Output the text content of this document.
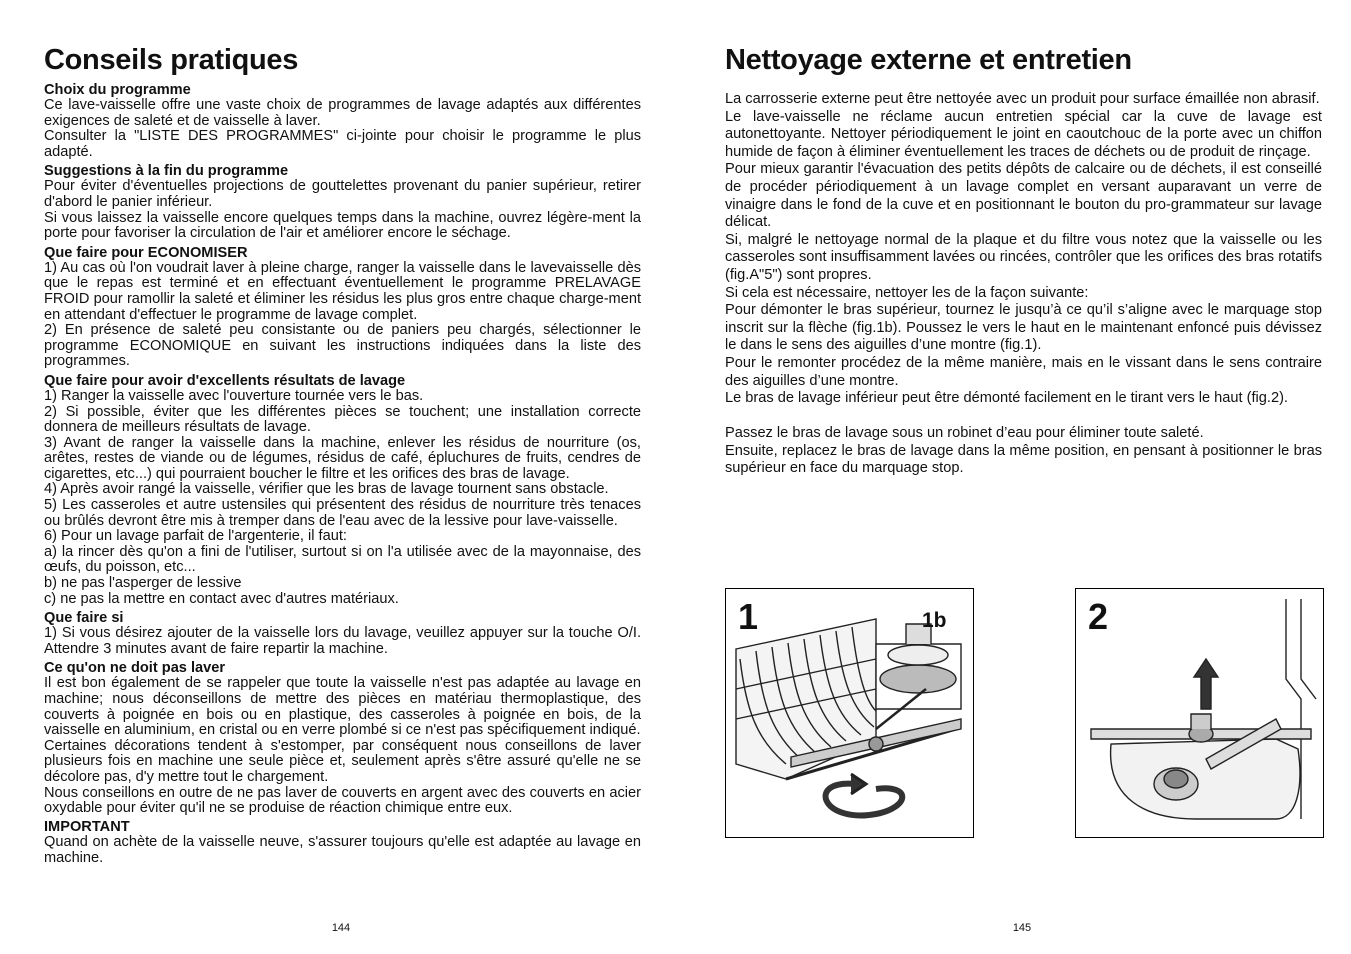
Conseils pratiques
Choix du programme

Ce lave-vaisselle offre une vaste choix de programmes de lavage adaptés aux différentes exigences de saleté et de vaisselle à laver.

Consulter la "LISTE DES PROGRAMMES" ci-jointe pour choisir le programme le plus adapté.

Suggestions à la fin du programme

Pour éviter d'éventuelles projections de gouttelettes provenant du panier supérieur, retirer d'abord le panier inférieur.

Si vous laissez la vaisselle encore quelques temps dans la machine, ouvrez légère-ment la porte pour favoriser la circulation de l'air et améliorer encore le séchage.

Que faire pour ECONOMISER

1) Au cas où l'on voudrait laver à pleine charge, ranger la vaisselle dans le lavevaisselle dès que le repas est terminé et en effectuant éventuellement le programme PRELAVAGE FROID pour ramollir la saleté et éliminer les résidus les plus gros entre chaque charge-ment en attendant d'effectuer le programme de lavage complet.

2) En présence de saleté peu consistante ou de paniers peu chargés, sélectionner le programme ECONOMIQUE en suivant les instructions indiquées dans la liste des programmes.

Que faire pour avoir d'excellents résultats de lavage

1) Ranger la vaisselle avec l'ouverture tournée vers le bas.

2) Si possible, éviter que les différentes pièces se touchent; une installation correcte donnera de meilleurs résultats de lavage.

3) Avant de ranger la vaisselle dans la machine, enlever les résidus de nourriture (os, arêtes, restes de viande ou de légumes, résidus de café, épluchures de fruits, cendres de cigarettes, etc...) qui pourraient boucher le filtre et les orifices des bras de lavage.

4) Après avoir rangé la vaisselle, vérifier que les bras de lavage tournent sans obstacle.

5) Les casseroles et autre ustensiles qui présentent des résidus de nourriture très tenaces ou brûlés devront être mis à tremper dans de l'eau avec de la lessive pour lave-vaisselle.

6) Pour un lavage parfait de l'argenterie, il faut:

a) la rincer dès qu'on a fini de l'utiliser, surtout si on l'a utilisée avec de la mayonnaise, des œufs, du poisson, etc...

b) ne pas l'asperger de lessive

c) ne pas la mettre en contact avec d'autres matériaux.

Que faire si

1) Si vous désirez ajouter de la vaisselle lors du lavage, veuillez appuyer sur la touche O/I. Attendre 3 minutes avant de faire repartir la machine.

Ce qu'on ne doit pas laver

Il est bon également de se rappeler que toute la vaisselle n'est pas adaptée au lavage en machine; nous déconseillons de mettre des pièces en matériau thermoplastique, des couverts à poignée en bois ou en plastique, des casseroles à poignée en bois, de la vaisselle en aluminium, en cristal ou en verre plombé si ce n'est pas spécifiquement indiqué.

Certaines décorations tendent à s'estomper, par conséquent nous conseillons de laver plusieurs fois en machine une seule pièce et, seulement après s'être assuré qu'elle ne se décolore pas, d'y mettre tout le chargement.

Nous conseillons en outre de ne pas laver de couverts en argent avec des couverts en acier oxydable pour éviter qu'il ne se produise de réaction chimique entre eux.

IMPORTANT

Quand on achète de la vaisselle neuve, s'assurer toujours qu'elle est adaptée au lavage en machine.

144
Nettoyage externe et entretien

La carrosserie externe peut être nettoyée avec un produit pour surface émaillée non abrasif.

Le lave-vaisselle ne réclame aucun entretien spécial car la cuve de lavage est autonettoyante. Nettoyer périodiquement le joint en caoutchouc de la porte avec un chiffon humide de façon à éliminer éventuellement les traces de déchets ou de produit de rinçage.

Pour mieux garantir l'évacuation des petits dépôts de calcaire ou de déchets, il est conseillé de procéder périodiquement à un lavage complet en versant auparavant un verre de vinaigre dans le fond de la cuve et en positionnant le bouton du pro-grammateur sur lavage délicat.

Si, malgré le nettoyage normal de la plaque et du filtre vous notez que la vaisselle ou les casseroles sont insuffisamment lavées ou rincées, contrôler que les orifices des bras rotatifs (fig.A"5") sont propres.

Si cela est nécessaire, nettoyer les de la façon suivante:

Pour démonter le bras supérieur, tournez le jusqu’à ce qu’il s’aligne avec le marquage stop inscrit sur la flèche (fig.1b). Poussez le vers le haut en le maintenant enfoncé puis dévissez le dans le sens des aiguilles d’une montre (fig.1).

Pour le remonter procédez de la même manière, mais en le vissant dans le sens contraire des aiguilles d’une montre.

Le bras de lavage inférieur peut être démonté facilement en le tirant vers le haut (fig.2).

Passez le bras de lavage sous un robinet d’eau pour éliminer toute saleté.

Ensuite, replacez le bras de lavage dans la même position, en pensant à positionner le bras supérieur en face du marquage stop.

145
1	1b	2
